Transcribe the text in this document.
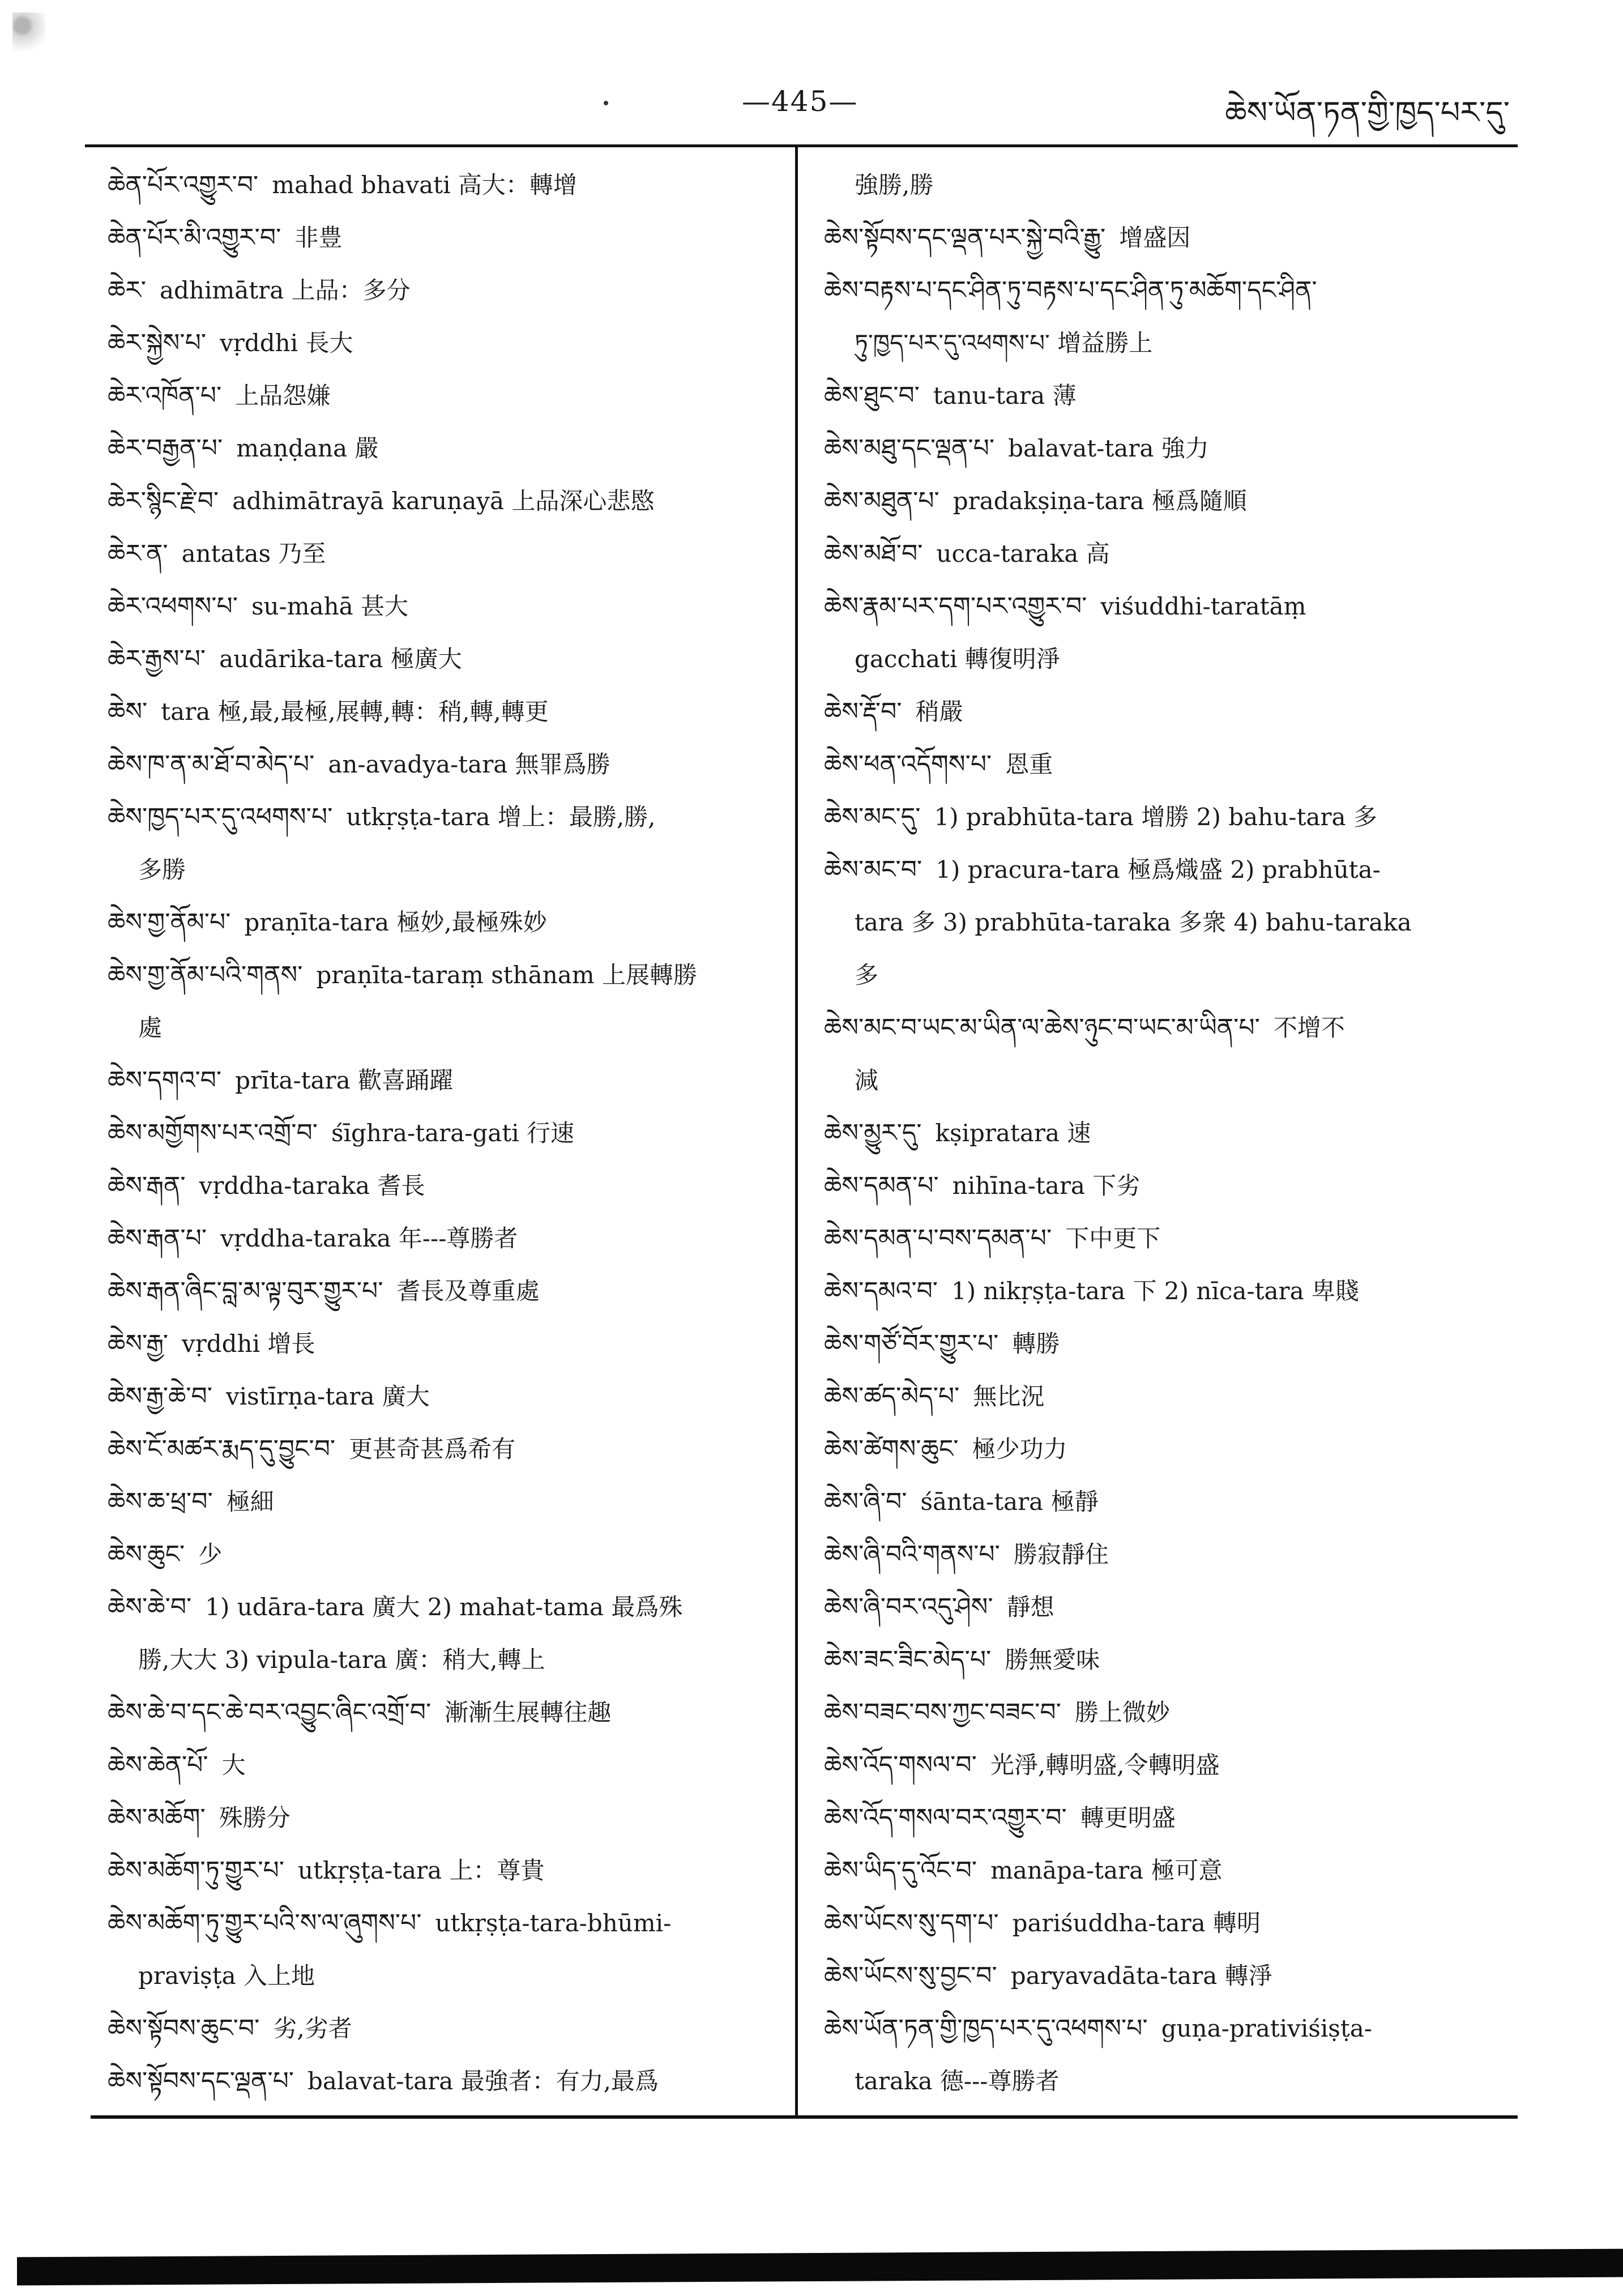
—445—	ཆེས་ཡོན་ཏན་གྱི་ཁྱད་པར་དུ་

ཆེན་པོར་འགྱུར་བ་ mahad bhavati 高大：轉增

ཆེན་པོར་མི་འགྱུར་བ་ 非豊

ཆེར་ adhimātra 上品：多分

ཆེར་སྐྱེས་པ་ vṛddhi 長大

ཆེར་འཁོན་པ་ 上品怨嫌

ཆེར་བརྒྱན་པ་ maṇḍana 嚴

ཆེར་སྙིང་རྗེ་བ་ adhimātrayā karuṇayā 上品深心悲愍

ཆེར་ན་ antatas 乃至

ཆེར་འཕགས་པ་ su-mahā 甚大

ཆེར་རྒྱས་པ་ audārika-tara 極廣大

ཆེས་ tara 極,最,最極,展轉,轉：稍,轉,轉更

ཆེས་ཁ་ན་མ་ཐོ་བ་མེད་པ་ an-avadya-tara 無罪爲勝

ཆེས་ཁྱད་པར་དུ་འཕགས་པ་ utkṛṣṭa-tara 增上：最勝,勝,

多勝

ཆེས་གྱ་ནོམ་པ་ praṇīta-tara 極妙,最極殊妙

ཆེས་གྱ་ནོམ་པའི་གནས་ praṇīta-taraṃ sthānam 上展轉勝

處

ཆེས་དགའ་བ་ prīta-tara 歡喜踊躍

ཆེས་མགྱོགས་པར་འགྲོ་བ་ śīghra-tara-gati 行速

ཆེས་རྒན་ vṛddha-taraka 耆長

ཆེས་རྒན་པ་ vṛddha-taraka 年---尊勝者

ཆེས་རྒན་ཞིང་བླ་མ་ལྟ་བུར་གྱུར་པ་ 耆長及尊重處

ཆེས་རྒྱ་ vṛddhi 增長

ཆེས་རྒྱ་ཆེ་བ་ vistīrṇa-tara 廣大

ཆེས་ངོ་མཚར་རྨད་དུ་བྱུང་བ་ 更甚奇甚爲希有

ཆེས་ཆ་ཕྲ་བ་ 極細

ཆེས་ཆུང་ 少

ཆེས་ཆེ་བ་ 1) udāra-tara 廣大 2) mahat-tama 最爲殊

勝,大大 3) vipula-tara 廣：稍大,轉上

ཆེས་ཆེ་བ་དང་ཆེ་བར་འབྱུང་ཞིང་འགྲོ་བ་ 漸漸生展轉往趣

ཆེས་ཆེན་པོ་ 大

ཆེས་མཆོག་ 殊勝分

ཆེས་མཆོག་ཏུ་གྱུར་པ་ utkṛṣṭa-tara 上：尊貴

ཆེས་མཆོག་ཏུ་གྱུར་པའི་ས་ལ་ཞུགས་པ་ utkṛṣṭa-tara-bhūmi-

praviṣṭa 入上地

ཆེས་སྟོབས་ཆུང་བ་ 劣,劣者

ཆེས་སྟོབས་དང་ལྡན་པ་ balavat-tara 最強者：有力,最爲

強勝,勝

ཆེས་སྟོབས་དང་ལྡན་པར་སྐྱེ་བའི་རྒྱུ་ 增盛因

ཆེས་བརྟས་པ་དང་ཤིན་ཏུ་བརྟས་པ་དང་ཤིན་ཏུ་མཆོག་དང་ཤིན་

ཏུ་ཁྱད་པར་དུ་འཕགས་པ་ 增益勝上

ཆེས་ཐུང་བ་ tanu-tara 薄

ཆེས་མཐུ་དང་ལྡན་པ་ balavat-tara 強力

ཆེས་མཐུན་པ་ pradakṣiṇa-tara 極爲隨順

ཆེས་མཐོ་བ་ ucca-taraka 高

ཆེས་རྣམ་པར་དག་པར་འགྱུར་བ་ viśuddhi-taratāṃ

gacchati 轉復明淨

ཆེས་རྡོ་བ་ 稍嚴

ཆེས་ཕན་འདོགས་པ་ 恩重

ཆེས་མང་དུ་ 1) prabhūta-tara 增勝 2) bahu-tara 多

ཆེས་མང་བ་ 1) pracura-tara 極爲熾盛 2) prabhūta-

tara 多 3) prabhūta-taraka 多衆 4) bahu-taraka

多

ཆེས་མང་བ་ཡང་མ་ཡིན་ལ་ཆེས་ཉུང་བ་ཡང་མ་ཡིན་པ་ 不增不

減

ཆེས་མྱུར་དུ་ kṣipratara 速

ཆེས་དམན་པ་ nihīna-tara 下劣

ཆེས་དམན་པ་བས་དམན་པ་ 下中更下

ཆེས་དམའ་བ་ 1) nikṛṣṭa-tara 下 2) nīca-tara 卑賤

ཆེས་གཙོ་བོར་གྱུར་པ་ 轉勝

ཆེས་ཚད་མེད་པ་ 無比況

ཆེས་ཚེགས་ཆུང་ 極少功力

ཆེས་ཞི་བ་ śānta-tara 極靜

ཆེས་ཞི་བའི་གནས་པ་ 勝寂靜住

ཆེས་ཞི་བར་འདུ་ཤེས་ 靜想

ཆེས་ཟང་ཟིང་མེད་པ་ 勝無愛味

ཆེས་བཟང་བས་ཀྱང་བཟང་བ་ 勝上微妙

ཆེས་འོད་གསལ་བ་ 光淨,轉明盛,令轉明盛

ཆེས་འོད་གསལ་བར་འགྱུར་བ་ 轉更明盛

ཆེས་ཡིད་དུ་འོང་བ་ manāpa-tara 極可意

ཆེས་ཡོངས་སུ་དག་པ་ pariśuddha-tara 轉明

ཆེས་ཡོངས་སུ་བྱང་བ་ paryavadāta-tara 轉淨

ཆེས་ཡོན་ཏན་གྱི་ཁྱད་པར་དུ་འཕགས་པ་ guṇa-prativiśiṣṭa-

taraka 德---尊勝者
